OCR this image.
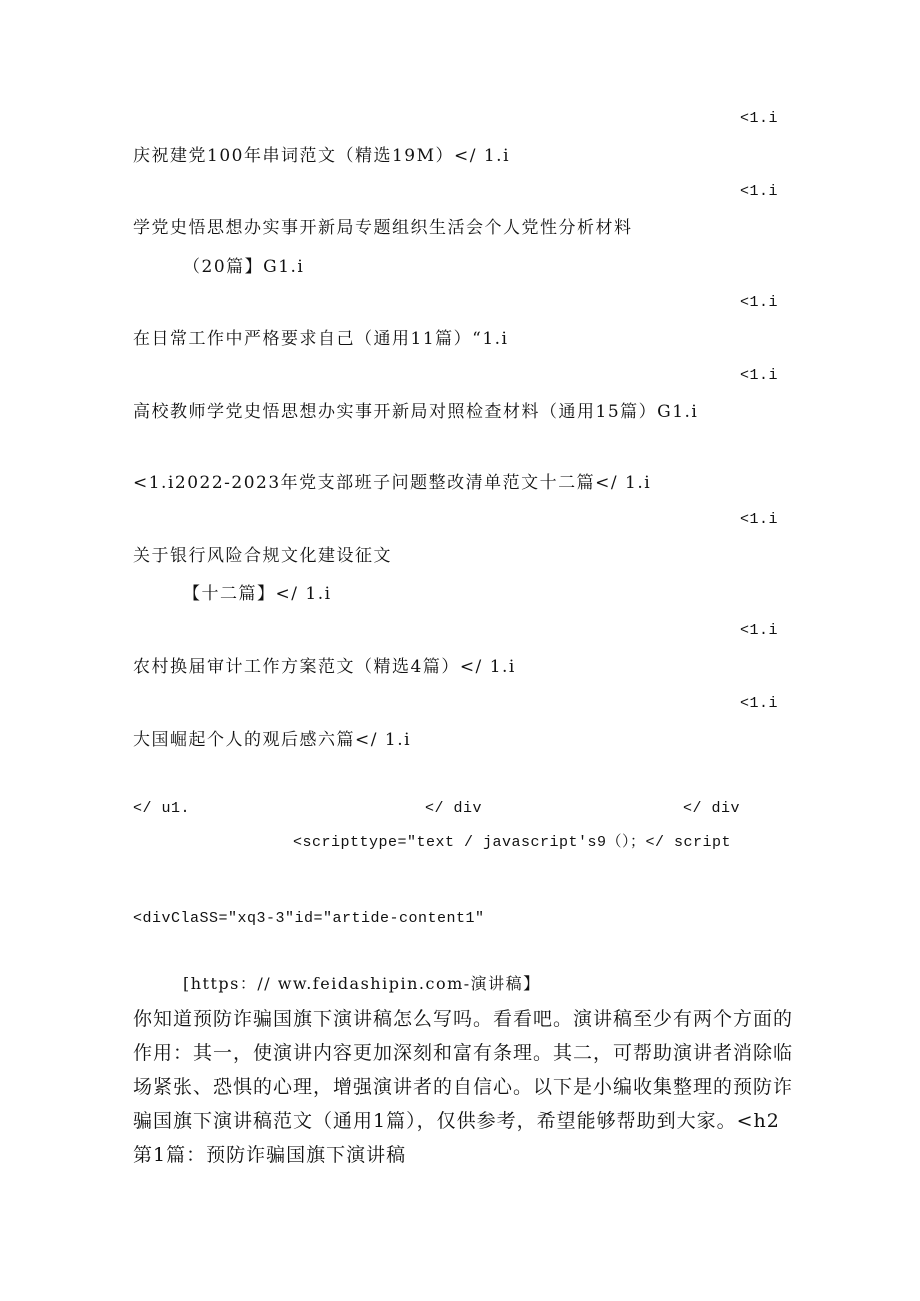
<1.i
庆祝建党100年串词范文（精选19M）</ 1.i
<1.i
学党史悟思想办实事开新局专题组织生活会个人党性分析材料
（20篇】G1.i
<1.i
在日常工作中严格要求自己（通用11篇）“1.i
<1.i
高校教师学党史悟思想办实事开新局对照检查材料（通用15篇）G1.i
<1.i2022-2023年党支部班子问题整改清单范文十二篇</ 1.i
<1.i
关于银行风险合规文化建设征文
【十二篇】</ 1.i
<1.i
农村换届审计工作方案范文（精选4篇）</ 1.i
<1.i
大国崛起个人的观后感六篇</ 1.i
</ u1.	</ div	</ div
<scripttype="text / javascript's9（）；</ script
<divClaSS="xq3-3"id="artide-content1"
[https：// ww.feidashipin.com-演讲稿】
你知道预防诈骗国旗下演讲稿怎么写吗。看看吧。演讲稿至少有两个方面的作用：其一，使演讲内容更加深刻和富有条理。其二，可帮助演讲者消除临场紧张、恐惧的心理，增强演讲者的自信心。以下是小编收集整理的预防诈骗国旗下演讲稿范文（通用1篇），仅供参考，希望能够帮助到大家。<h2第1篇：预防诈骗国旗下演讲稿
